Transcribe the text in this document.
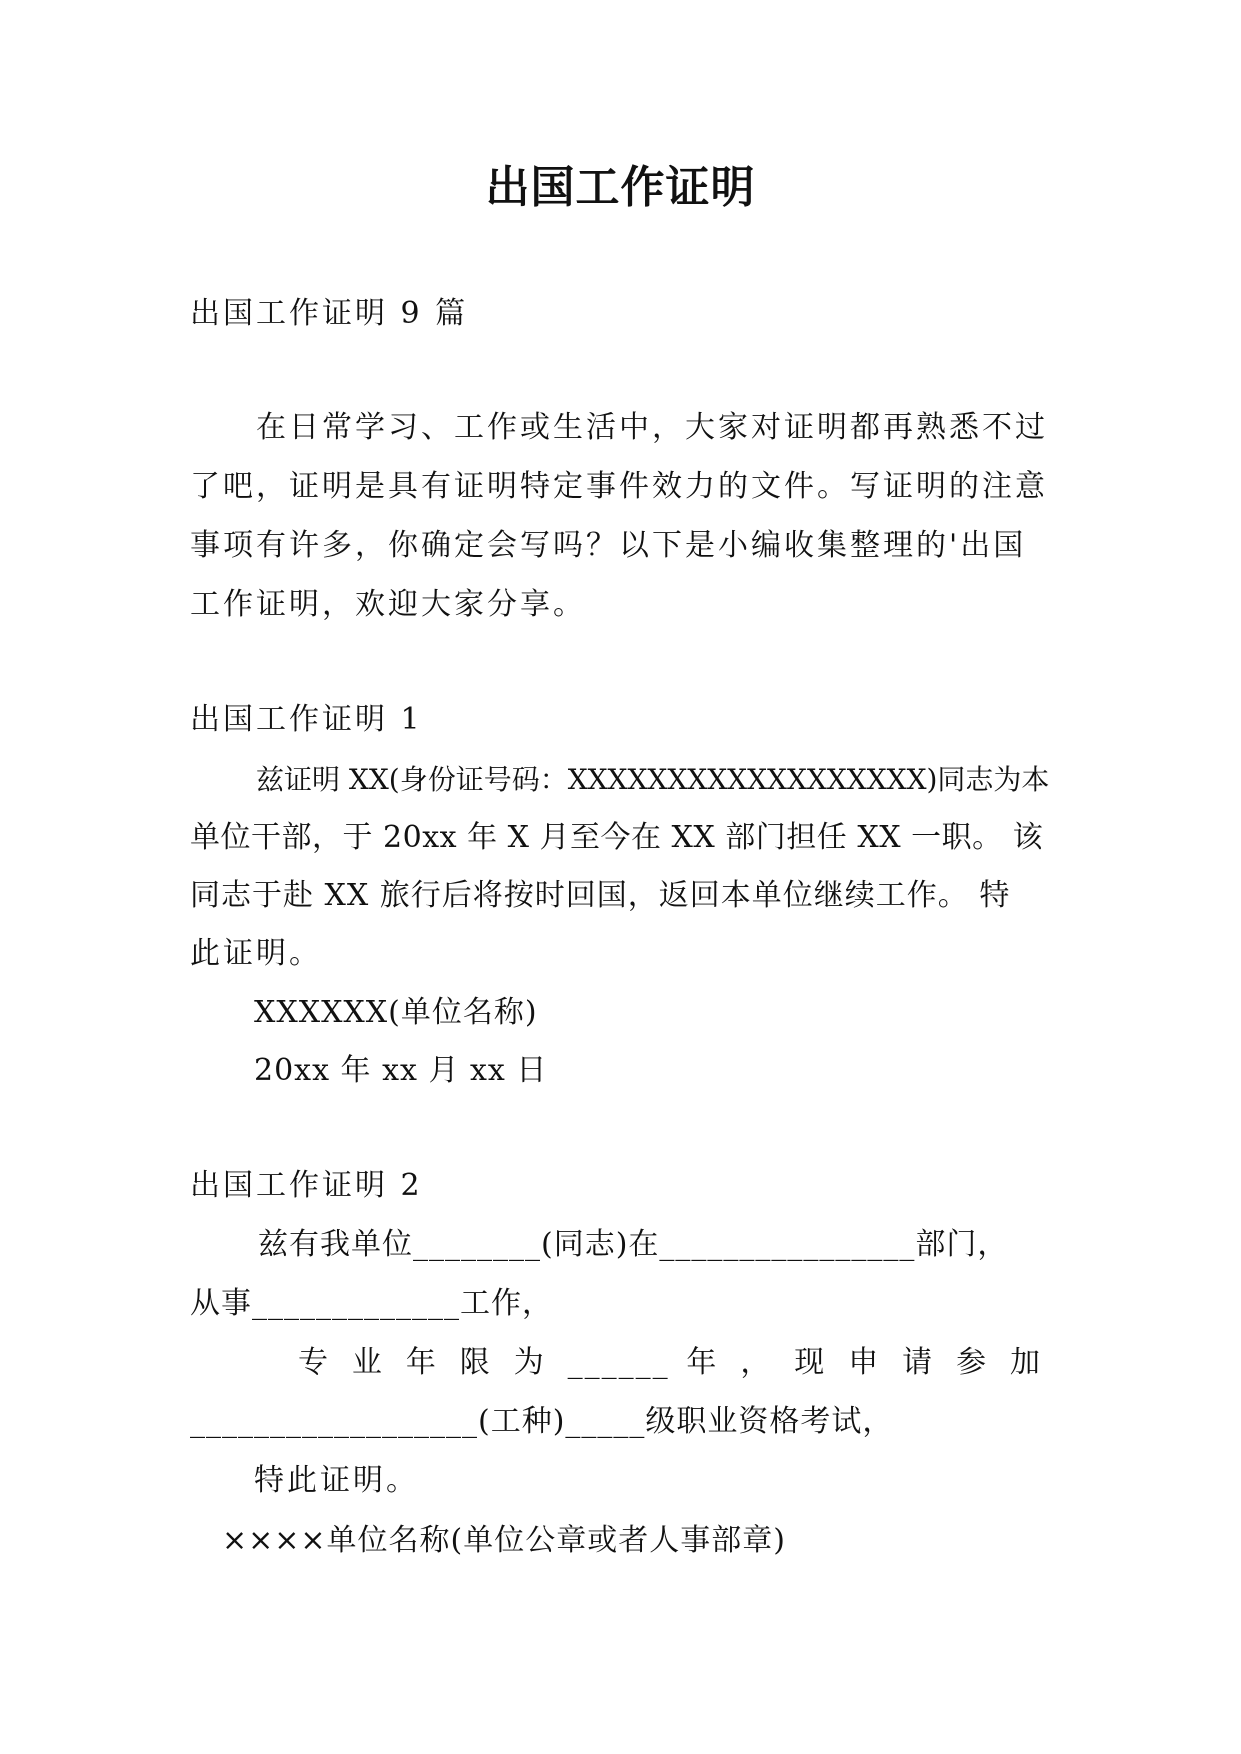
出国工作证明
出国工作证明 9 篇
在日常学习、工作或生活中，大家对证明都再熟悉不过
了吧，证明是具有证明特定事件效力的文件。写证明的注意
事项有许多，你确定会写吗？以下是小编收集整理的'出国
工作证明，欢迎大家分享。
出国工作证明 1
兹证明 XX(身份证号码：XXXXXXXXXXXXXXXXXX)同志为本
单位干部，于 20xx 年 X 月至今在 XX 部门担任 XX 一职。 该
同志于赴 XX 旅行后将按时回国，返回本单位继续工作。 特
此证明。
XXXXXX(单位名称)
20xx 年 xx 月 xx 日
出国工作证明 2
兹有我单位________(同志)在________________部门，
从事_____________工作，
专 业 年 限 为 ______ 年 ， 现 申 请 参 加
__________________(工种)_____级职业资格考试，
特此证明。
××××单位名称(单位公章或者人事部章)
